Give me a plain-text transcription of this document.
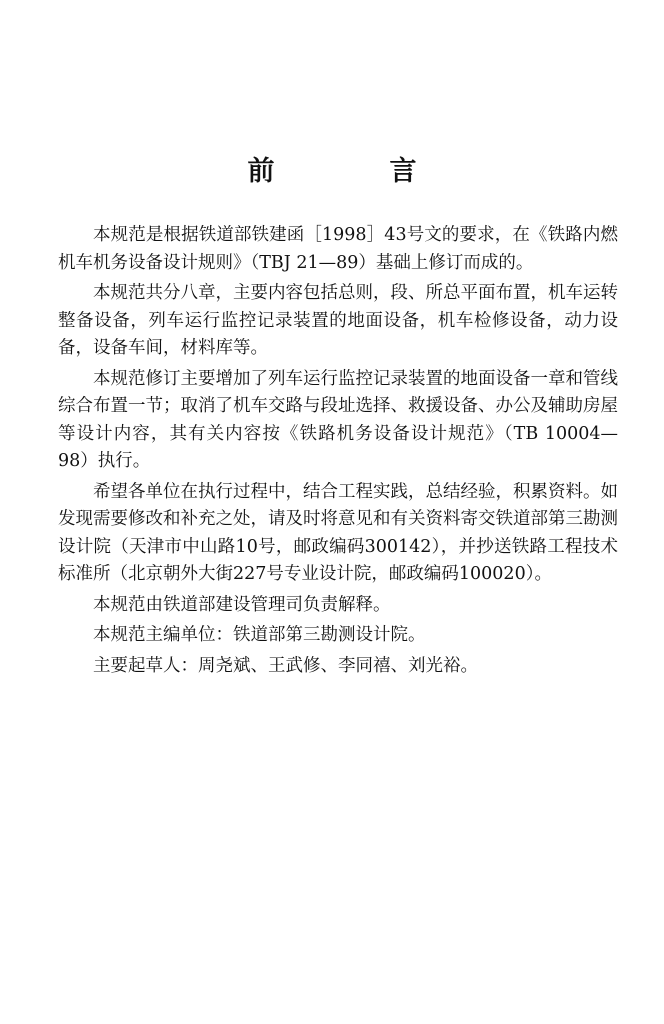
前　言

本规范是根据铁道部铁建函［1998］43号文的要求，在《铁路内燃机车机务设备设计规则》（TBJ 21—89）基础上修订而成的。

本规范共分八章，主要内容包括总则，段、所总平面布置，机车运转整备设备，列车运行监控记录装置的地面设备，机车检修设备，动力设备，设备车间，材料库等。

本规范修订主要增加了列车运行监控记录装置的地面设备一章和管线综合布置一节；取消了机车交路与段址选择、救援设备、办公及辅助房屋等设计内容，其有关内容按《铁路机务设备设计规范》（TB 10004—98）执行。

希望各单位在执行过程中，结合工程实践，总结经验，积累资料。如发现需要修改和补充之处，请及时将意见和有关资料寄交铁道部第三勘测设计院（天津市中山路10号，邮政编码300142），并抄送铁路工程技术标准所（北京朝外大街227号专业设计院，邮政编码100020）。

本规范由铁道部建设管理司负责解释。

本规范主编单位：铁道部第三勘测设计院。

主要起草人：周尧斌、王武修、李同禧、刘光裕。
